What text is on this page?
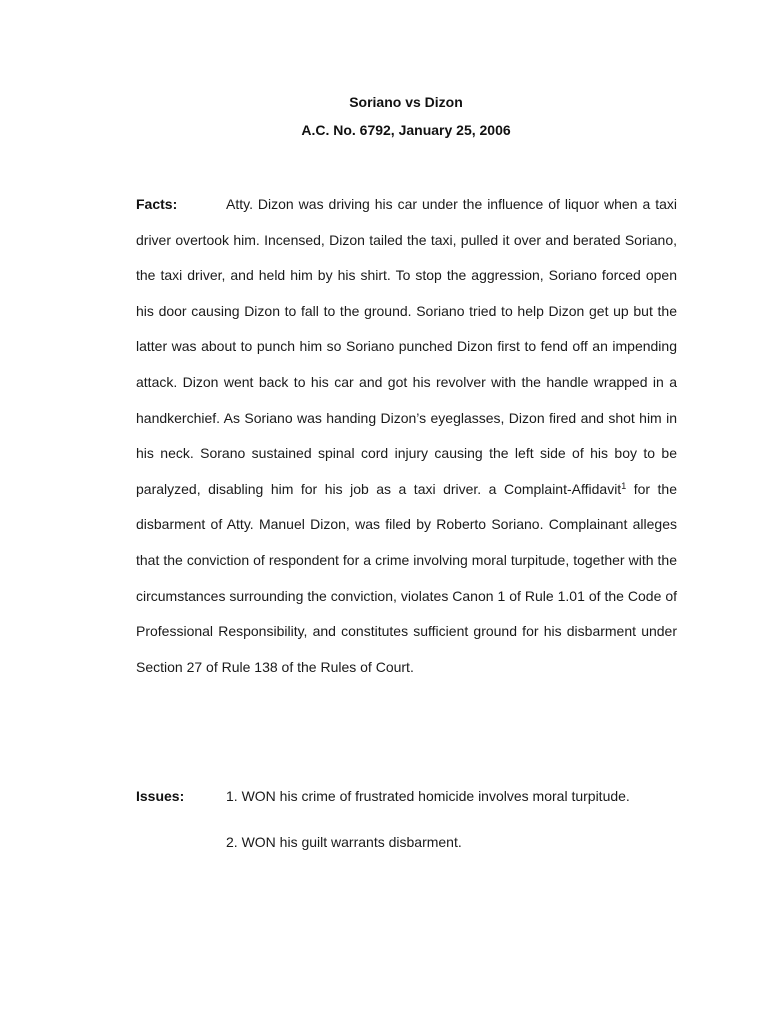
Soriano vs Dizon
A.C. No. 6792, January 25, 2006
Facts:	Atty. Dizon was driving his car under the influence of liquor when a taxi driver overtook him. Incensed, Dizon tailed the taxi, pulled it over and berated Soriano, the taxi driver, and held him by his shirt. To stop the aggression, Soriano forced open his door causing Dizon to fall to the ground. Soriano tried to help Dizon get up but the latter was about to punch him so Soriano punched Dizon first to fend off an impending attack. Dizon went back to his car and got his revolver with the handle wrapped in a handkerchief. As Soriano was handing Dizon’s eyeglasses, Dizon fired and shot him in his neck. Sorano sustained spinal cord injury causing the left side of his boy to be paralyzed, disabling him for his job as a taxi driver. a Complaint-Affidavit$^1$ for the disbarment of Atty. Manuel Dizon, was filed by Roberto Soriano. Complainant alleges that the conviction of respondent for a crime involving moral turpitude, together with the circumstances surrounding the conviction, violates Canon 1 of Rule 1.01 of the Code of Professional Responsibility, and constitutes sufficient ground for his disbarment under Section 27 of Rule 138 of the Rules of Court.
Issues:	1. WON his crime of frustrated homicide involves moral turpitude.
2. WON his guilt warrants disbarment.
